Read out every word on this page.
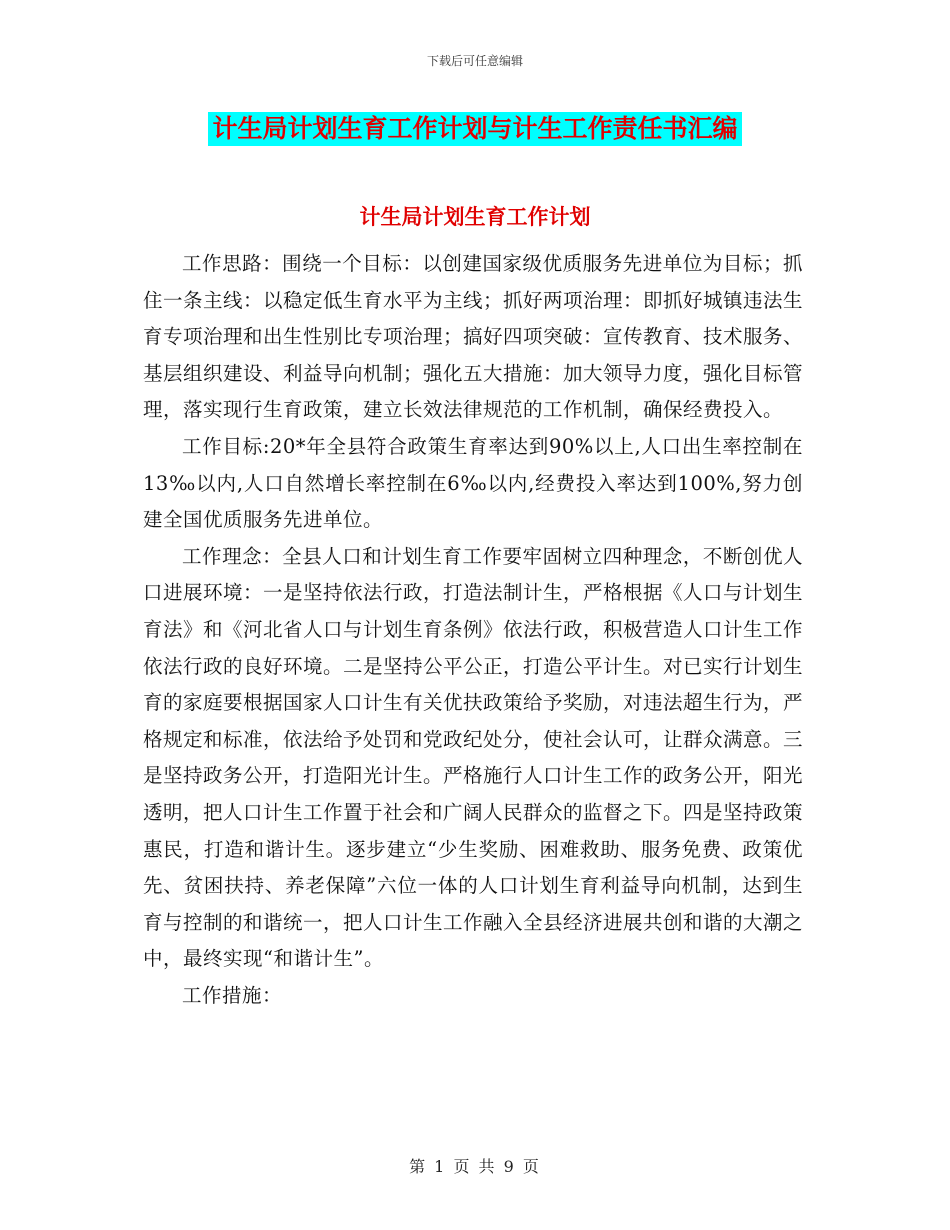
下载后可任意编辑
计生局计划生育工作计划与计生工作责任书汇编
计生局计划生育工作计划

工作思路：围绕一个目标：以创建国家级优质服务先进单位为目标；抓住一条主线：以稳定低生育水平为主线；抓好两项治理：即抓好城镇违法生育专项治理和出生性别比专项治理；搞好四项突破：宣传教育、技术服务、基层组织建设、利益导向机制；强化五大措施：加大领导力度，强化目标管理，落实现行生育政策，建立长效法律规范的工作机制，确保经费投入。

工作目标:20*年全县符合政策生育率达到90%以上,人口出生率控制在13‰以内,人口自然增长率控制在6‰以内,经费投入率达到100%,努力创建全国优质服务先进单位。

工作理念：全县人口和计划生育工作要牢固树立四种理念，不断创优人口进展环境：一是坚持依法行政，打造法制计生，严格根据《人口与计划生育法》和《河北省人口与计划生育条例》依法行政，积极营造人口计生工作依法行政的良好环境。二是坚持公平公正，打造公平计生。对已实行计划生育的家庭要根据国家人口计生有关优扶政策给予奖励，对违法超生行为，严格规定和标准，依法给予处罚和党政纪处分，使社会认可，让群众满意。三是坚持政务公开，打造阳光计生。严格施行人口计生工作的政务公开，阳光透明，把人口计生工作置于社会和广阔人民群众的监督之下。四是坚持政策惠民，打造和谐计生。逐步建立“少生奖励、困难救助、服务免费、政策优先、贫困扶持、养老保障”六位一体的人口计划生育利益导向机制，达到生育与控制的和谐统一，把人口计生工作融入全县经济进展共创和谐的大潮之中，最终实现“和谐计生”。

工作措施：

第 1 页 共 9 页
